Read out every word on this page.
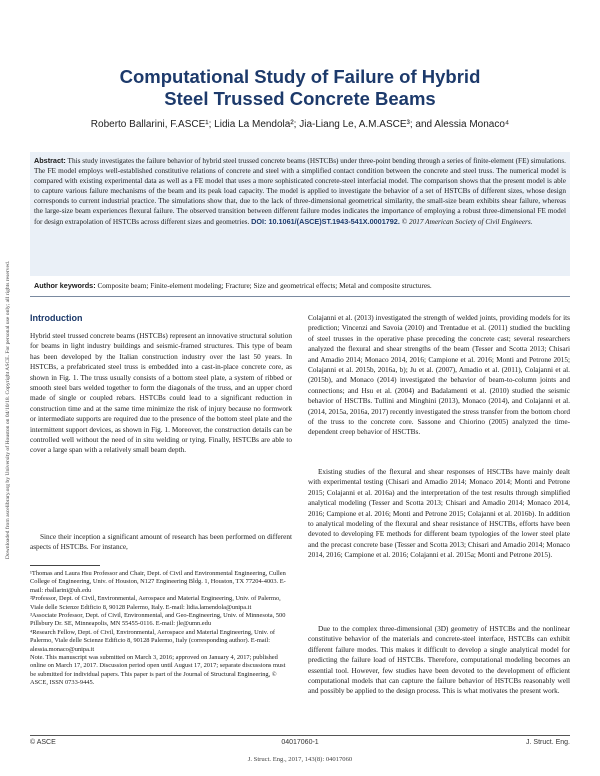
Downloaded from ascelibrary.org by University of Houston on 04/10/18. Copyright ASCE. For personal use only; all rights reserved.
Computational Study of Failure of Hybrid
Steel Trussed Concrete Beams
Roberto Ballarini, F.ASCE¹; Lidia La Mendola²; Jia-Liang Le, A.M.ASCE³; and Alessia Monaco⁴
Abstract: This study investigates the failure behavior of hybrid steel trussed concrete beams (HSTCBs) under three-point bending through a series of finite-element (FE) simulations. The FE model employs well-established constitutive relations of concrete and steel with a simplified contact condition between the concrete and steel truss. The numerical model is compared with existing experimental data as well as a FE model that uses a more sophisticated concrete-steel interfacial model. The comparison shows that the present model is able to capture various failure mechanisms of the beam and its peak load capacity. The model is applied to investigate the behavior of a set of HSTCBs of different sizes, whose design corresponds to current industrial practice. The simulations show that, due to the lack of three-dimensional geometrical similarity, the small-size beam exhibits shear failure, whereas the large-size beam experiences flexural failure. The observed transition between different failure modes indicates the importance of employing a robust three-dimensional FE model for design extrapolation of HSTCBs across different sizes and geometries. DOI: 10.1061/(ASCE)ST.1943-541X.0001792. © 2017 American Society of Civil Engineers.
Author keywords: Composite beam; Finite-element modeling; Fracture; Size and geometrical effects; Metal and composite structures.
Introduction

Hybrid steel trussed concrete beams (HSTCBs) represent an innovative structural solution for beams in light industry buildings and seismic-framed structures. This type of beam has been developed by the Italian construction industry over the last 50 years. In HSTCBs, a prefabricated steel truss is embedded into a cast-in-place concrete core, as shown in Fig. 1. The truss usually consists of a bottom steel plate, a system of ribbed or smooth steel bars welded together to form the diagonals of the truss, and an upper chord made of single or coupled rebars. HSTCBs could lead to a significant reduction in construction time and at the same time minimize the risk of injury because no formwork or intermediate supports are required due to the presence of the bottom steel plate and the intermittent support devices, as shown in Fig. 1. Moreover, the construction details can be controlled well without the need of in situ welding or tying. Finally, HSTCBs are able to cover a large span with a relatively small beam depth.

Since their inception a significant amount of research has been performed on different aspects of HSTCBs. For instance,

¹Thomas and Laura Hsu Professor and Chair, Dept. of Civil and Environmental Engineering, Cullen College of Engineering, Univ. of Houston, N127 Engineering Bldg. 1, Houston, TX 77204-4003. E-mail: rballarini@uh.edu

²Professor, Dept. of Civil, Environmental, Aerospace and Material Engineering, Univ. of Palermo, Viale delle Scienze Edificio 8, 90128 Palermo, Italy. E-mail: lidia.lamendola@unipa.it

³Associate Professor, Dept. of Civil, Environmental, and Geo-Engineering, Univ. of Minnesota, 500 Pillsbury Dr. SE, Minneapolis, MN 55455-0116. E-mail: jle@umn.edu

⁴Research Fellow, Dept. of Civil, Environmental, Aerospace and Material Engineering, Univ. of Palermo, Viale delle Scienze Edificio 8, 90128 Palermo, Italy (corresponding author). E-mail: alessia.monaco@unipa.it

Note. This manuscript was submitted on March 3, 2016; approved on January 4, 2017; published online on March 17, 2017. Discussion period open until August 17, 2017; separate discussions must be submitted for individual papers. This paper is part of the Journal of Structural Engineering, © ASCE, ISSN 0733-9445.

Colajanni et al. (2013) investigated the strength of welded joints, providing models for its prediction; Vincenzi and Savoia (2010) and Trentadue et al. (2011) studied the buckling of steel trusses in the operative phase preceding the concrete cast; several researchers analyzed the flexural and shear strengths of the beam (Tesser and Scotta 2013; Chisari and Amadio 2014; Monaco 2014, 2016; Campione et al. 2016; Monti and Petrone 2015; Colajanni et al. 2015b, 2016a, b); Ju et al. (2007), Amadio et al. (2011), Colajanni et al. (2015b), and Monaco (2014) investigated the behavior of beam-to-column joints and connections; and Hsu et al. (2004) and Badalamenti et al. (2010) studied the seismic behavior of HSCTBs. Tullini and Minghini (2013), Monaco (2014), and Colajanni et al. (2014, 2015a, 2016a, 2017) recently investigated the stress transfer from the bottom chord of the truss to the concrete core. Sassone and Chiorino (2005) analyzed the time-dependent creep behavior of HSCTBs.

Existing studies of the flexural and shear responses of HSCTBs have mainly dealt with experimental testing (Chisari and Amadio 2014; Monaco 2014; Monti and Petrone 2015; Colajanni et al. 2016a) and the interpretation of the test results through simplified analytical modeling (Tesser and Scotta 2013; Chisari and Amadio 2014; Monaco 2014, 2016; Campione et al. 2016; Monti and Petrone 2015; Colajanni et al. 2016b). In addition to analytical modeling of the flexural and shear resistance of HSCTBs, efforts have been devoted to developing FE methods for different beam typologies of the lower steel plate and the precast concrete base (Tesser and Scotta 2013; Chisari and Amadio 2014; Monaco 2014, 2016; Campione et al. 2016; Colajanni et al. 2015a; Monti and Petrone 2015).

Due to the complex three-dimensional (3D) geometry of HSTCBs and the nonlinear constitutive behavior of the materials and concrete-steel interface, HSTCBs can exhibit different failure modes. This makes it difficult to develop a single analytical model for predicting the failure load of HSTCBs. Therefore, computational modeling becomes an essential tool. However, few studies have been devoted to the development of efficient computational models that can capture the failure behavior of HSTCBs reasonably well and possibly be applied to the design process. This is what motivates the present work.

© ASCE	04017060-1	J. Struct. Eng.
J. Struct. Eng., 2017, 143(8): 04017060
